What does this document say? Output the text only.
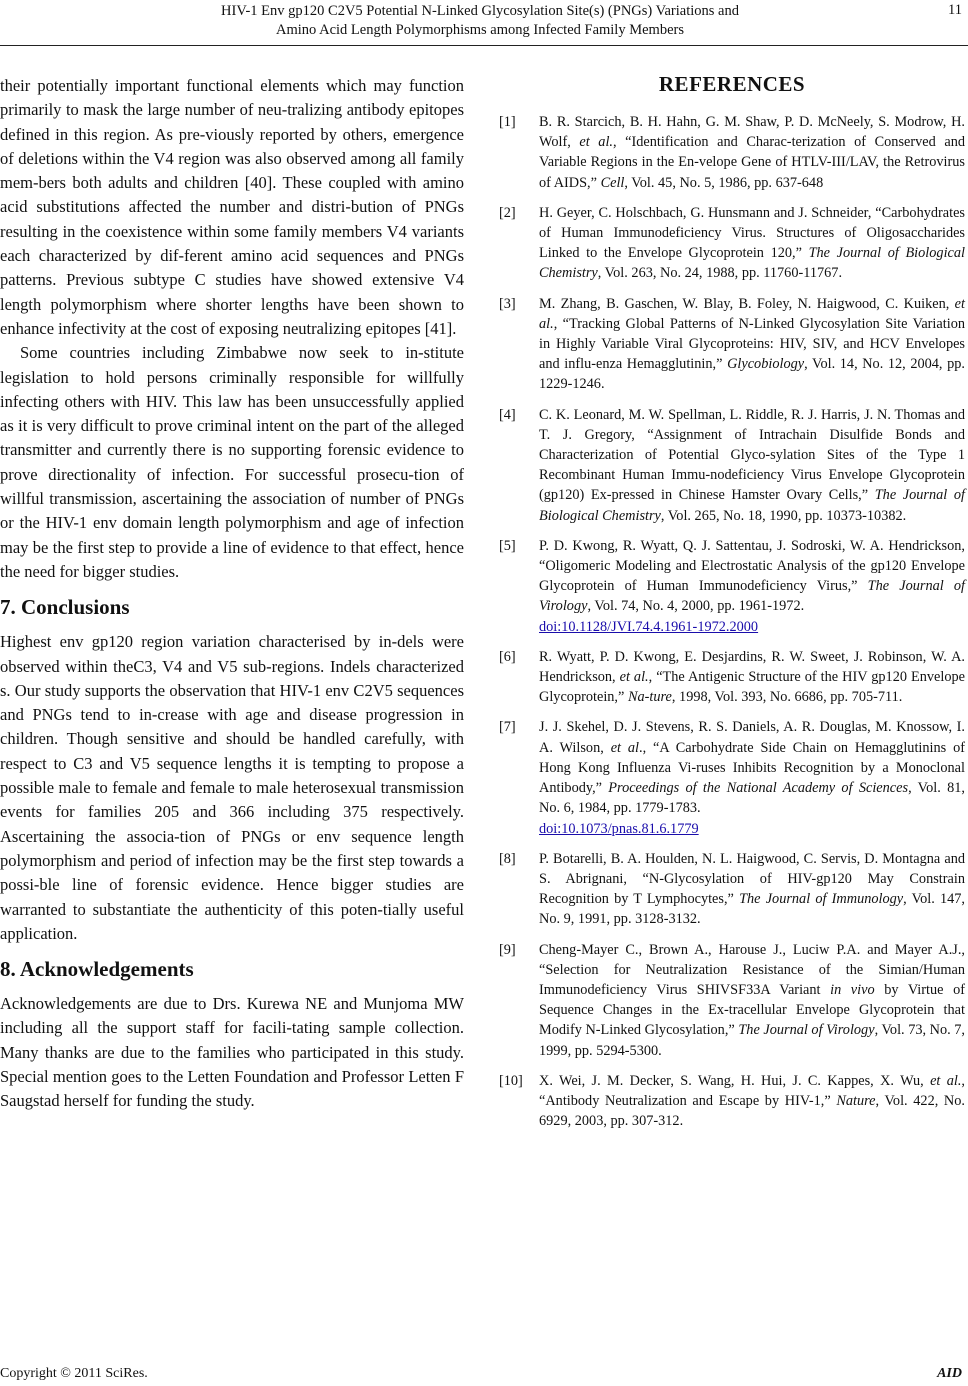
HIV-1 Env gp120 C2V5 Potential N-Linked Glycosylation Site(s) (PNGs) Variations and
Amino Acid Length Polymorphisms among Infected Family Members
11

their potentially important functional elements which may function primarily to mask the large number of neu-tralizing antibody epitopes defined in this region. As pre-viously reported by others, emergence of deletions within the V4 region was also observed among all family mem-bers both adults and children [40]. These coupled with amino acid substitutions affected the number and distri-bution of PNGs resulting in the coexistence within some family members V4 variants each characterized by dif-ferent amino acid sequences and PNGs patterns. Previous subtype C studies have showed extensive V4 length polymorphism where shorter lengths have been shown to enhance infectivity at the cost of exposing neutralizing epitopes [41].

Some countries including Zimbabwe now seek to in-stitute legislation to hold persons criminally responsible for willfully infecting others with HIV. This law has been unsuccessfully applied as it is very difficult to prove criminal intent on the part of the alleged transmitter and currently there is no supporting forensic evidence to prove directionality of infection. For successful prosecu-tion of willful transmission, ascertaining the association of number of PNGs or the HIV-1 env domain length polymorphism and age of infection may be the first step to provide a line of evidence to that effect, hence the need for bigger studies.

7. Conclusions

Highest env gp120 region variation characterised by in-dels were observed within theC3, V4 and V5 sub-regions. Indels characterized s. Our study supports the observation that HIV-1 env C2V5 sequences and PNGs tend to in-crease with age and disease progression in children. Though sensitive and should be handled carefully, with respect to C3 and V5 sequence lengths it is tempting to propose a possible male to female and female to male heterosexual transmission events for families 205 and 366 including 375 respectively. Ascertaining the associa-tion of PNGs or env sequence length polymorphism and period of infection may be the first step towards a possi-ble line of forensic evidence. Hence bigger studies are warranted to substantiate the authenticity of this poten-tially useful application.

8. Acknowledgements

Acknowledgements are due to Drs. Kurewa NE and Munjoma MW including all the support staff for facili-tating sample collection. Many thanks are due to the families who participated in this study. Special mention goes to the Letten Foundation and Professor Letten F Saugstad herself for funding the study.

REFERENCES
[1] B. R. Starcich, B. H. Hahn, G. M. Shaw, P. D. McNeely, S. Modrow, H. Wolf, et al., “Identification and Charac-terization of Conserved and Variable Regions in the En-velope Gene of HTLV-III/LAV, the Retrovirus of AIDS,” Cell, Vol. 45, No. 5, 1986, pp. 637-648
[2] H. Geyer, C. Holschbach, G. Hunsmann and J. Schneider, “Carbohydrates of Human Immunodeficiency Virus. Structures of Oligosaccharides Linked to the Envelope Glycoprotein 120,” The Journal of Biological Chemistry, Vol. 263, No. 24, 1988, pp. 11760-11767.
[3] M. Zhang, B. Gaschen, W. Blay, B. Foley, N. Haigwood, C. Kuiken, et al., “Tracking Global Patterns of N-Linked Glycosylation Site Variation in Highly Variable Viral Glycoproteins: HIV, SIV, and HCV Envelopes and influ-enza Hemagglutinin,” Glycobiology, Vol. 14, No. 12, 2004, pp. 1229-1246.
[4] C. K. Leonard, M. W. Spellman, L. Riddle, R. J. Harris, J. N. Thomas and T. J. Gregory, “Assignment of Intrachain Disulfide Bonds and Characterization of Potential Glyco-sylation Sites of the Type 1 Recombinant Human Immu-nodeficiency Virus Envelope Glycoprotein (gp120) Ex-pressed in Chinese Hamster Ovary Cells,” The Journal of Biological Chemistry, Vol. 265, No. 18, 1990, pp. 10373-10382.
[5] P. D. Kwong, R. Wyatt, Q. J. Sattentau, J. Sodroski, W. A. Hendrickson, “Oligomeric Modeling and Electrostatic Analysis of the gp120 Envelope Glycoprotein of Human Immunodeficiency Virus,” The Journal of Virology, Vol. 74, No. 4, 2000, pp. 1961-1972.
doi:10.1128/JVI.74.4.1961-1972.2000
[6] R. Wyatt, P. D. Kwong, E. Desjardins, R. W. Sweet, J. Robinson, W. A. Hendrickson, et al., “The Antigenic Structure of the HIV gp120 Envelope Glycoprotein,” Na-ture, 1998, Vol. 393, No. 6686, pp. 705-711.
[7] J. J. Skehel, D. J. Stevens, R. S. Daniels, A. R. Douglas, M. Knossow, I. A. Wilson, et al., “A Carbohydrate Side Chain on Hemagglutinins of Hong Kong Influenza Vi-ruses Inhibits Recognition by a Monoclonal Antibody,” Proceedings of the National Academy of Sciences, Vol. 81, No. 6, 1984, pp. 1779-1783.
doi:10.1073/pnas.81.6.1779
[8] P. Botarelli, B. A. Houlden, N. L. Haigwood, C. Servis, D. Montagna and S. Abrignani, “N-Glycosylation of HIV-gp120 May Constrain Recognition by T Lymphocytes,” The Journal of Immunology, Vol. 147, No. 9, 1991, pp. 3128-3132.
[9] Cheng-Mayer C., Brown A., Harouse J., Luciw P.A. and Mayer A.J., “Selection for Neutralization Resistance of the Simian/Human Immunodeficiency Virus SHIVSF33A Variant in vivo by Virtue of Sequence Changes in the Ex-tracellular Envelope Glycoprotein that Modify N-Linked Glycosylation,” The Journal of Virology, Vol. 73, No. 7, 1999, pp. 5294-5300.
[10] X. Wei, J. M. Decker, S. Wang, H. Hui, J. C. Kappes, X. Wu, et al., “Antibody Neutralization and Escape by HIV-1,” Nature, Vol. 422, No. 6929, 2003, pp. 307-312.
Copyright © 2011 SciRes.	AID
